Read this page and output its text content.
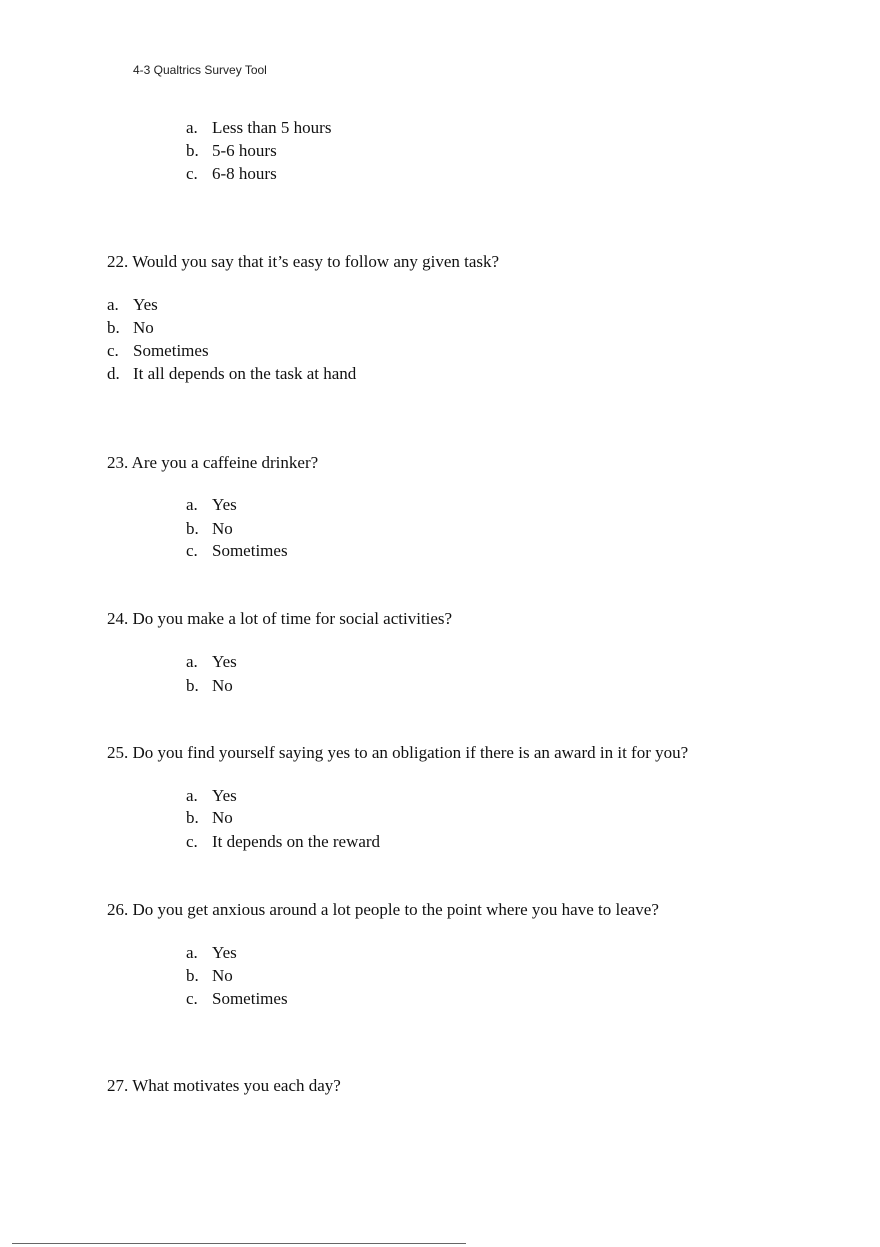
4-3 Qualtrics Survey Tool
a. Less than 5 hours
b. 5-6 hours
c. 6-8 hours
22. Would you say that it’s easy to follow any given task?
a. Yes
b. No
c. Sometimes
d. It all depends on the task at hand
23. Are you a caffeine drinker?
a. Yes
b. No
c. Sometimes
24. Do you make a lot of time for social activities?
a. Yes
b. No
25. Do you find yourself saying yes to an obligation if there is an award in it for you?
a. Yes
b. No
c. It depends on the reward
26. Do you get anxious around a lot people to the point where you have to leave?
a. Yes
b. No
c. Sometimes
27. What motivates you each day?
